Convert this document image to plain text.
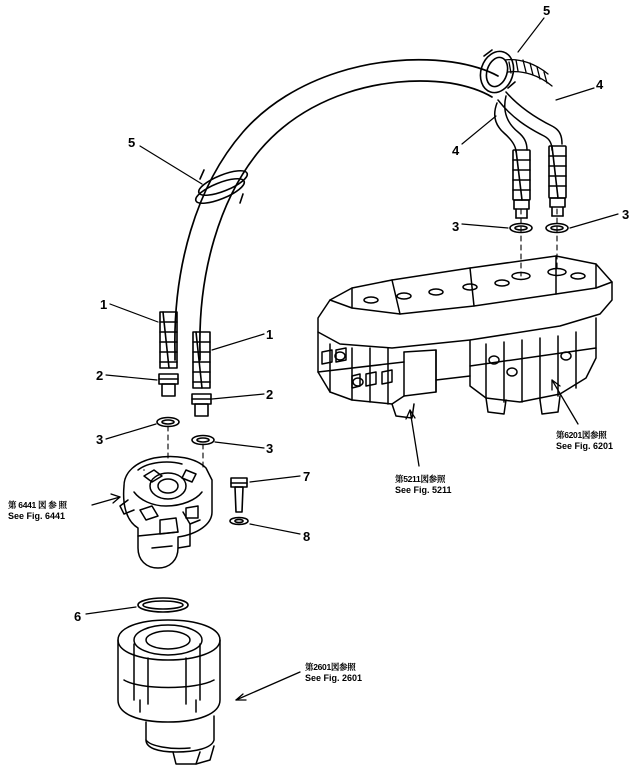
5
4
4
5
3
3
1
1
2
2
3
3
7
8
6
第 6441 図 参 照
See Fig. 6441
第5211図参照
See Fig. 5211
第6201図参照
See Fig. 6201
第2601図参照
See Fig. 2601
